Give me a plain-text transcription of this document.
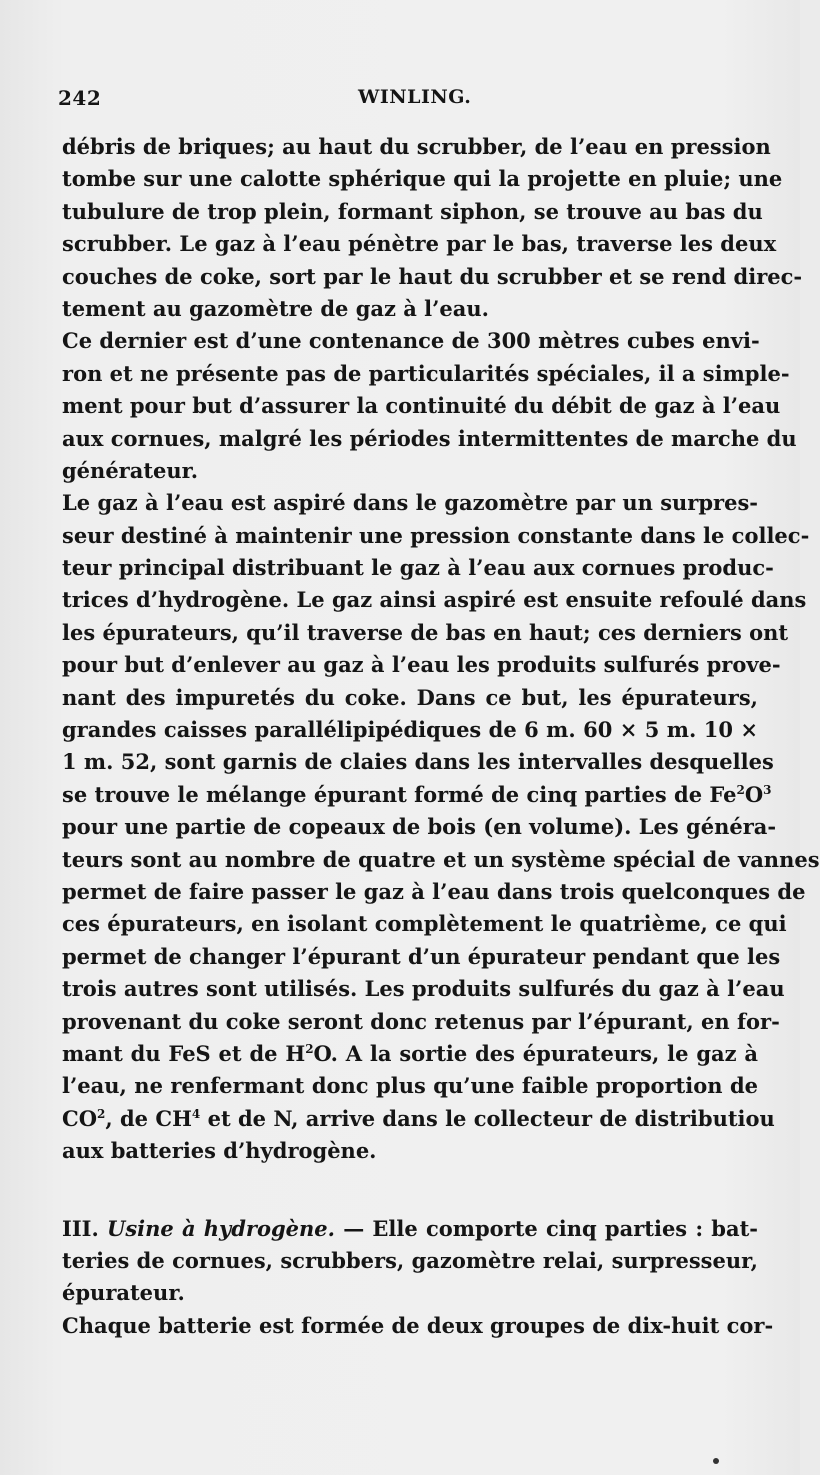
242	WINLING.
débris de briques; au haut du scrubber, de l’eau en pression
tombe sur une calotte sphérique qui la projette en pluie; une
tubulure de trop plein, formant siphon, se trouve au bas du
scrubber. Le gaz à l’eau pénètre par le bas, traverse les deux
couches de coke, sort par le haut du scrubber et se rend direc-
tement au gazomètre de gaz à l’eau.
Ce dernier est d’une contenance de 300 mètres cubes envi-
ron et ne présente pas de particularités spéciales, il a simple-
ment pour but d’assurer la continuité du débit de gaz à l’eau
aux cornues, malgré les périodes intermittentes de marche du
générateur.
Le gaz à l’eau est aspiré dans le gazomètre par un surpres-
seur destiné à maintenir une pression constante dans le collec-
teur principal distribuant le gaz à l’eau aux cornues produc-
trices d’hydrogène. Le gaz ainsi aspiré est ensuite refoulé dans
les épurateurs, qu’il traverse de bas en haut; ces derniers ont
pour but d’enlever au gaz à l’eau les produits sulfurés prove-
nant des impuretés du coke. Dans ce but, les épurateurs,
grandes caisses parallélipipédiques de 6 m. 60 × 5 m. 10 ×
1 m. 52, sont garnis de claies dans les intervalles desquelles
se trouve le mélange épurant formé de cinq parties de $Fe^2O^3$
pour une partie de copeaux de bois (en volume). Les généra-
teurs sont au nombre de quatre et un système spécial de vannes
permet de faire passer le gaz à l’eau dans trois quelconques de
ces épurateurs, en isolant complètement le quatrième, ce qui
permet de changer l’épurant d’un épurateur pendant que les
trois autres sont utilisés. Les produits sulfurés du gaz à l’eau
provenant du coke seront donc retenus par l’épurant, en for-
mant du FeS et de $H^2O$. A la sortie des épurateurs, le gaz à
l’eau, ne renfermant donc plus qu’une faible proportion de
$CO^2$, de $CH^4$ et de N, arrive dans le collecteur de distributiou
aux batteries d’hydrogène.
III. Usine à hydrogène. — Elle comporte cinq parties : bat-
teries de cornues, scrubbers, gazomètre relai, surpresseur,
épurateur.
Chaque batterie est formée de deux groupes de dix-huit cor-
